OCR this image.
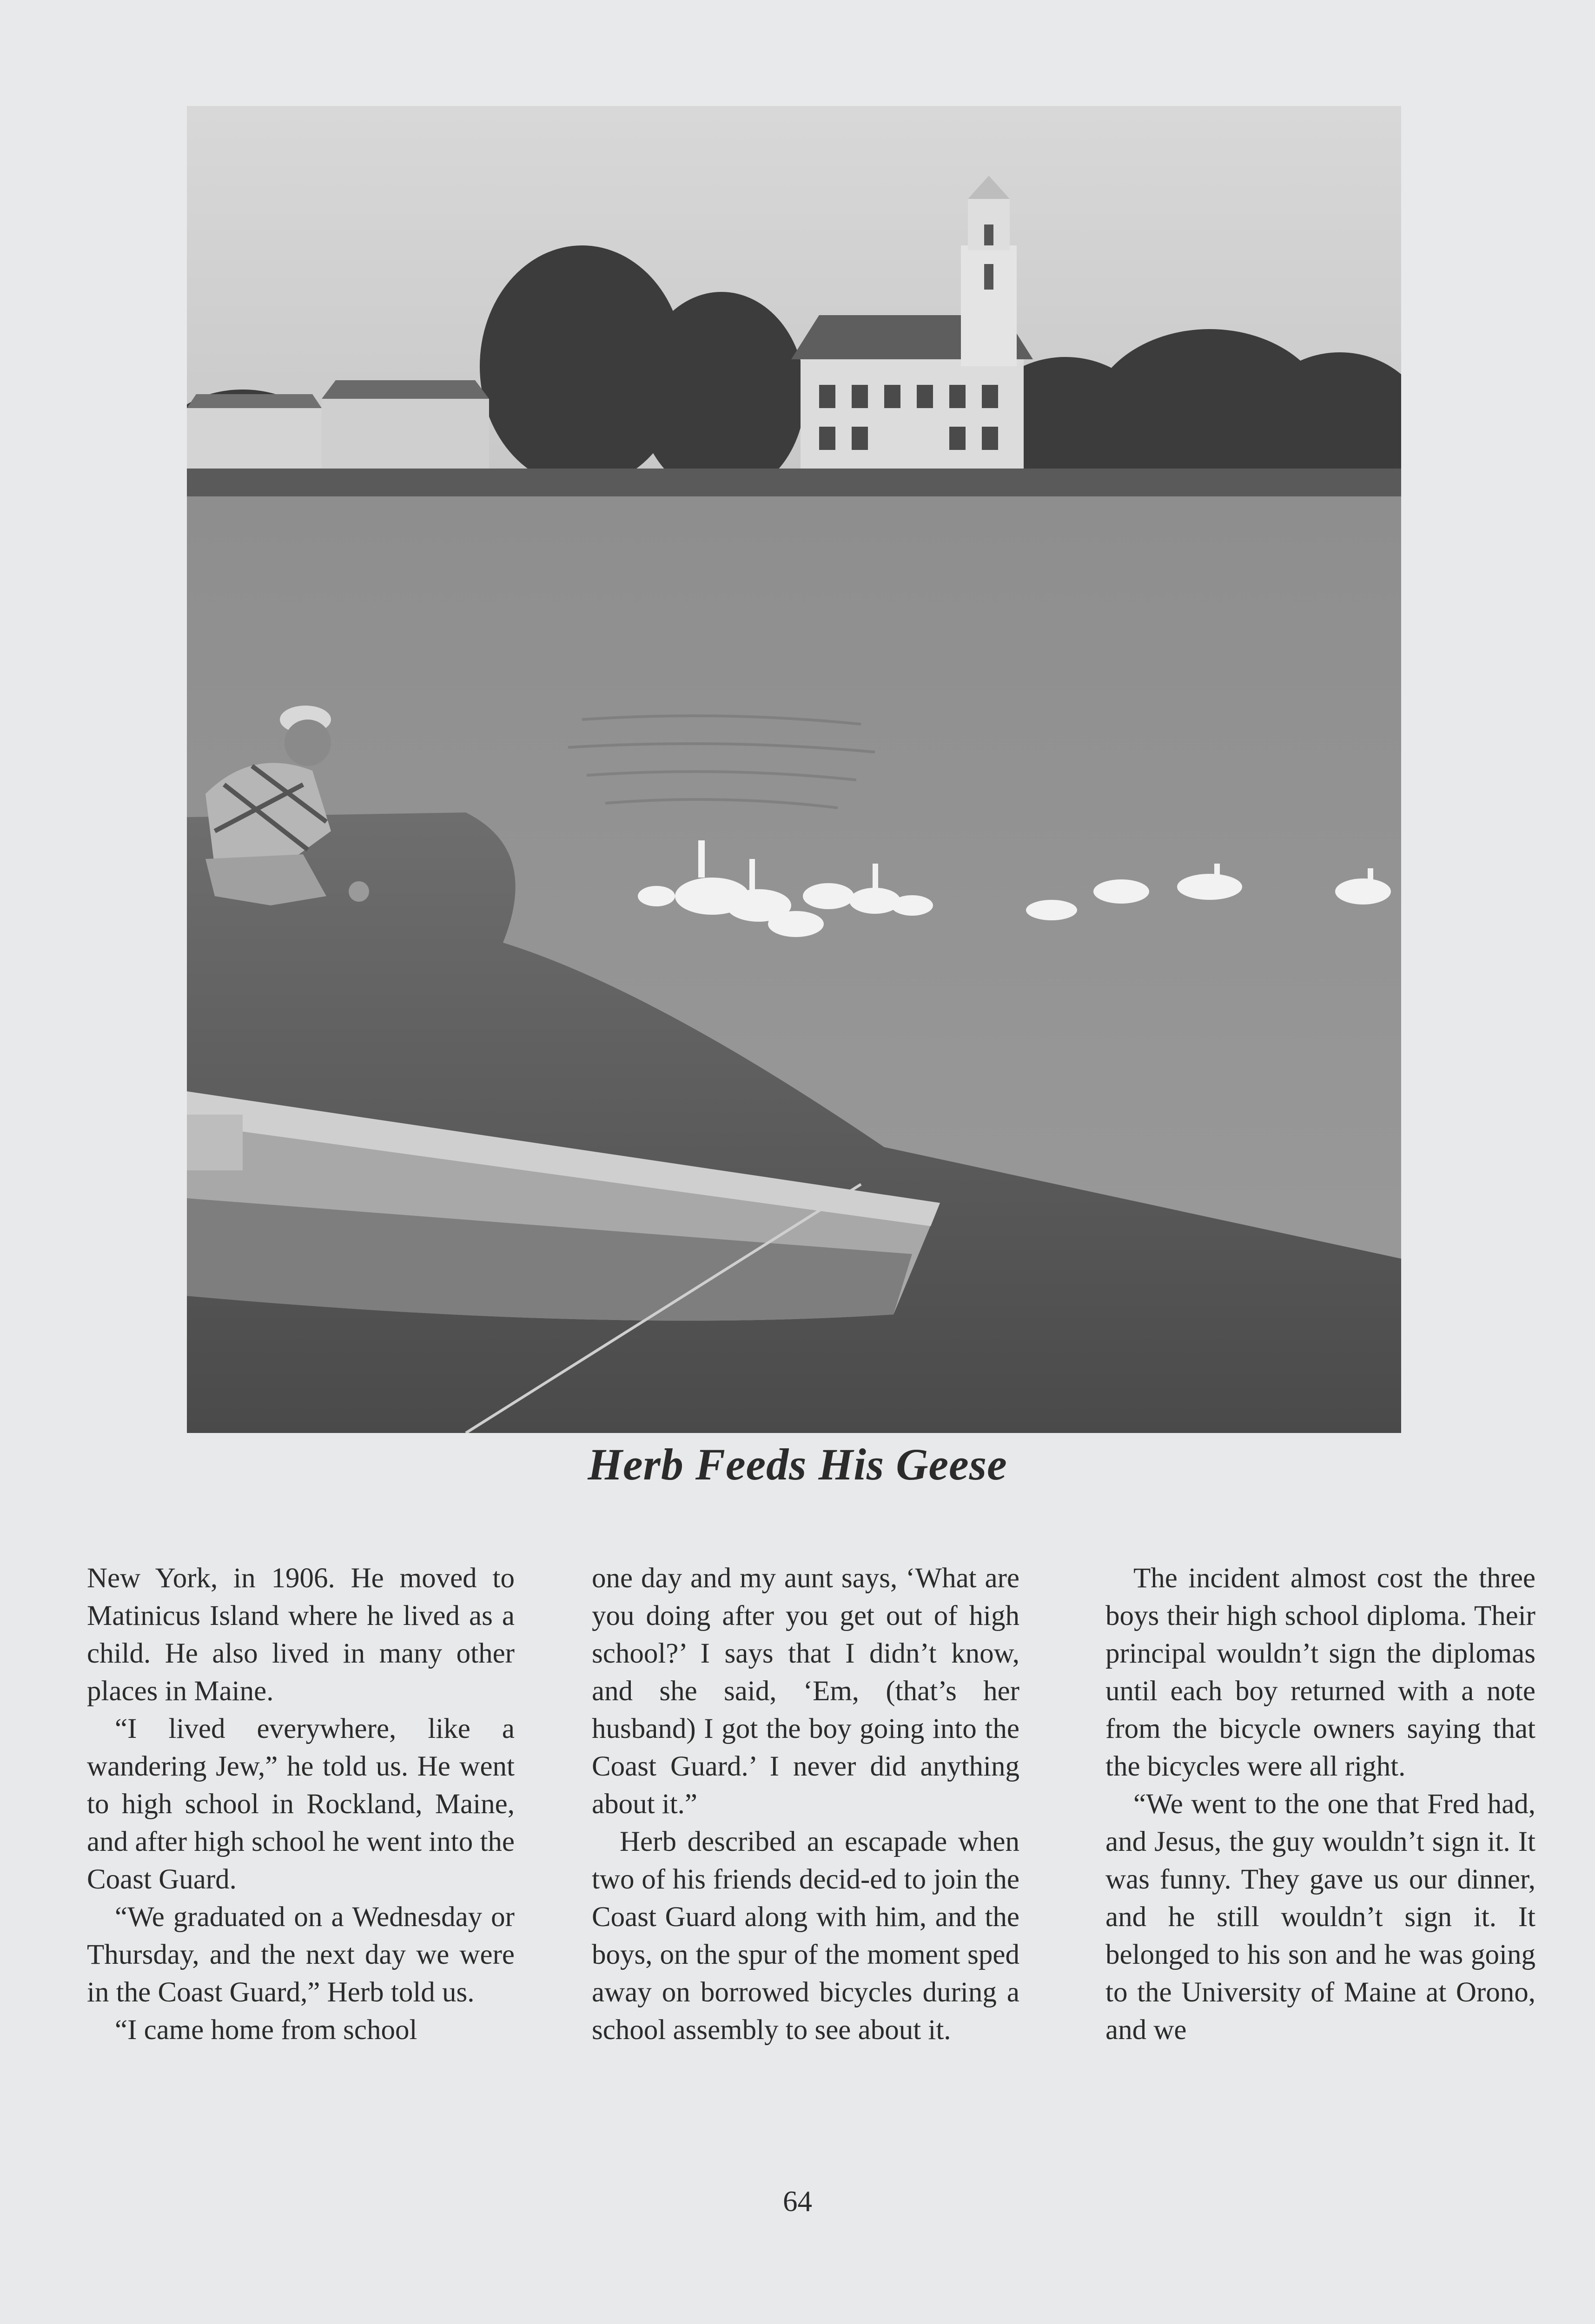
Herb Feeds His Geese

New York, in 1906. He moved to Matinicus Island where he lived as a child. He also lived in many other places in Maine.

“I lived everywhere, like a wandering Jew,” he told us. He went to high school in Rockland, Maine, and after high school he went into the Coast Guard.

“We graduated on a Wednesday or Thursday, and the next day we were in the Coast Guard,” Herb told us.

“I came home from school

one day and my aunt says, ‘What are you doing after you get out of high school?’ I says that I didn’t know, and she said, ‘Em, (that’s her husband) I got the boy going into the Coast Guard.’ I never did anything about it.”

Herb described an escapade when two of his friends decid-ed to join the Coast Guard along with him, and the boys, on the spur of the moment sped away on borrowed bicycles during a school assembly to see about it.

The incident almost cost the three boys their high school diploma. Their principal wouldn’t sign the diplomas until each boy returned with a note from the bicycle owners saying that the bicycles were all right.

“We went to the one that Fred had, and Jesus, the guy wouldn’t sign it. It was funny. They gave us our dinner, and he still wouldn’t sign it. It belonged to his son and he was going to the University of Maine at Orono, and we

64
